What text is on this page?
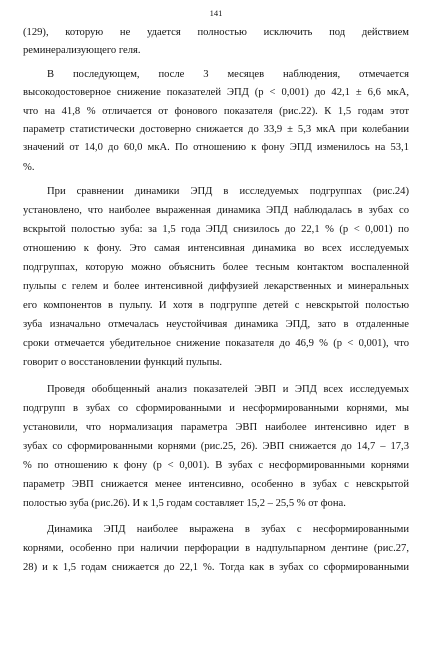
141
(129), которую не удается полностью исключить под действием
реминерализующего геля.
В последующем, после 3 месяцев наблюдения, отмечается
высокодостоверное снижение показателей ЭПД (р < 0,001) до 42,1 ± 6,6 мкА,
что на 41,8 % отличается от фонового показателя (рис.22). К 1,5 годам этот
параметр статистически достоверно снижается до 33,9 ± 5,3 мкА при колебании
значений от 14,0 до 60,0 мкА. По отношению к фону ЭПД изменилось на 53,1
%.
При сравнении динамики ЭПД в исследуемых подгруппах (рис.24)
установлено, что наиболее выраженная динамика ЭПД наблюдалась в зубах со
вскрытой полостью зуба: за 1,5 года ЭПД снизилось до 22,1 % (р < 0,001) по
отношению к фону. Это самая интенсивная динамика во всех исследуемых
подгруппах, которую можно объяснить более тесным контактом воспаленной
пульпы с гелем и более интенсивной диффузией лекарственных и минеральных
его компонентов в пульпу. И хотя в подгруппе детей с невскрытой полостью
зуба изначально отмечалась неустойчивая динамика ЭПД, зато в отдаленные
сроки отмечается убедительное снижение показателя до 46,9 % (р < 0,001), что
говорит о восстановлении функций пульпы.
Проведя обобщенный анализ показателей ЭВП и ЭПД всех исследуемых
подгрупп в зубах со сформированными и несформированными корнями, мы
установили, что нормализация параметра ЭВП наиболее интенсивно идет в
зубах со сформированными корнями (рис.25, 26). ЭВП снижается до 14,7 – 17,3
% по отношению к фону (р < 0,001). В зубах с несформированными корнями
параметр ЭВП снижается менее интенсивно, особенно в зубах с невскрытой
полостью зуба (рис.26). И к 1,5 годам составляет 15,2 – 25,5 % от фона.
Динамика ЭПД наиболее выражена в зубах с несформированными
корнями, особенно при наличии перфорации в надпульпарном дентине (рис.27,
28) и к 1,5 годам снижается до 22,1 %. Тогда как в зубах со сформированными
